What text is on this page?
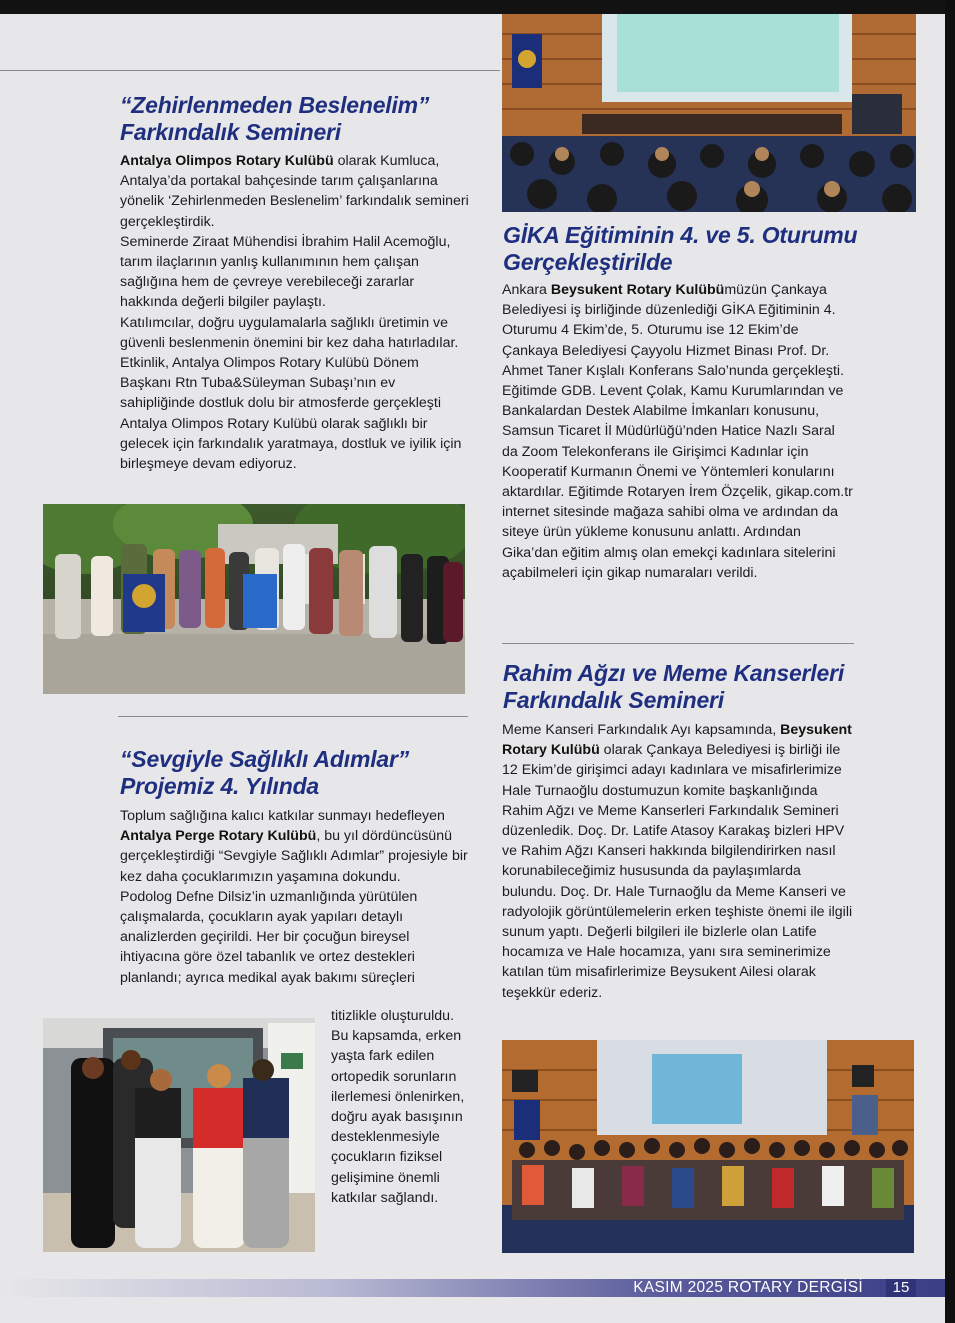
“Zehirlenmeden Beslenelim”
Farkındalık Semineri

Antalya Olimpos Rotary Kulübü olarak Kumluca, Antalya’da portakal bahçesinde tarım çalışanlarına yönelik ‘Zehirlenmeden Beslenelim’ farkındalık semineri gerçekleştirdik.

Seminerde Ziraat Mühendisi İbrahim Halil Acemoğlu, tarım ilaçlarının yanlış kullanımının hem çalışan sağlığına hem de çevreye verebileceği zararlar hakkında değerli bilgiler paylaştı.

Katılımcılar, doğru uygulamalarla sağlıklı üretimin ve güvenli beslenmenin önemini bir kez daha hatırladılar.

Etkinlik, Antalya Olimpos Rotary Kulübü Dönem Başkanı Rtn Tuba&Süleyman Subaşı’nın ev sahipliğinde dostluk dolu bir atmosferde gerçekleşti Antalya Olimpos Rotary Kulübü olarak sağlıklı bir gelecek için farkındalık yaratmaya, dostluk ve iyilik için birleşmeye devam ediyoruz.

“Sevgiyle Sağlıklı Adımlar”
Projemiz 4. Yılında

Toplum sağlığına kalıcı katkılar sunmayı hedefleyen Antalya Perge Rotary Kulübü, bu yıl dördüncüsünü gerçekleştirdiği “Sevgiyle Sağlıklı Adımlar” projesiyle bir kez daha çocuklarımızın yaşamına dokundu.

Podolog Defne Dilsiz’in uzmanlığında yürütülen çalışmalarda, çocukların ayak yapıları detaylı analizlerden geçirildi. Her bir çocuğun bireysel ihtiyacına göre özel tabanlık ve ortez destekleri planlandı; ayrıca medikal ayak bakımı süreçleri

titizlikle oluşturuldu. Bu kapsamda, erken yaşta fark edilen ortopedik sorunların ilerlemesi önlenirken, doğru ayak basışının desteklenmesiyle çocukların fiziksel gelişimine önemli katkılar sağlandı.

GİKA Eğitiminin 4. ve 5. Oturumu
Gerçekleştirilde

Ankara Beysukent Rotary Kulübümüzün Çankaya Belediyesi iş birliğinde düzenlediği GİKA Eğitiminin 4. Oturumu 4 Ekim’de, 5. Oturumu ise 12 Ekim’de Çankaya Belediyesi Çayyolu Hizmet Binası Prof. Dr. Ahmet Taner Kışlalı Konferans Salo’nunda gerçekleşti. Eğitimde GDB. Levent Çolak, Kamu Kurumlarından ve Bankalardan Destek Alabilme İmkanları konusunu, Samsun Ticaret İl Müdürlüğü’nden Hatice Nazlı Saral da Zoom Telekonferans ile Girişimci Kadınlar için Kooperatif Kurmanın Önemi ve Yöntemleri konularını aktardılar. Eğitimde Rotaryen İrem Özçelik, gikap.com.tr internet sitesinde mağaza sahibi olma ve ardından da siteye ürün yükleme konusunu anlattı. Ardından Gika’dan eğitim almış olan emekçi kadınlara sitelerini açabilmeleri için gikap numaraları verildi.

Rahim Ağzı ve Meme Kanserleri
Farkındalık Semineri

Meme Kanseri Farkındalık Ayı kapsamında, Beysukent Rotary Kulübü olarak Çankaya Belediyesi iş birliği ile 12 Ekim’de girişimci adayı kadınlara ve misafirlerimize Hale Turnaoğlu dostumuzun komite başkanlığında Rahim Ağzı ve Meme Kanserleri Farkındalık Semineri düzenledik. Doç. Dr. Latife Atasoy Karakaş bizleri HPV ve Rahim Ağzı Kanseri hakkında bilgilendirirken nasıl korunabileceğimiz hususunda da paylaşımlarda bulundu. Doç. Dr. Hale Turnaoğlu da Meme Kanseri ve radyolojik görüntülemelerin erken teşhiste önemi ile ilgili sunum yaptı. Değerli bilgileri ile bizlerle olan Latife hocamıza ve Hale hocamıza, yanı sıra seminerimize katılan tüm misafirlerimize Beysukent Ailesi olarak teşekkür ederiz.

KASIM 2025 ROTARY DERGİSİ	15
